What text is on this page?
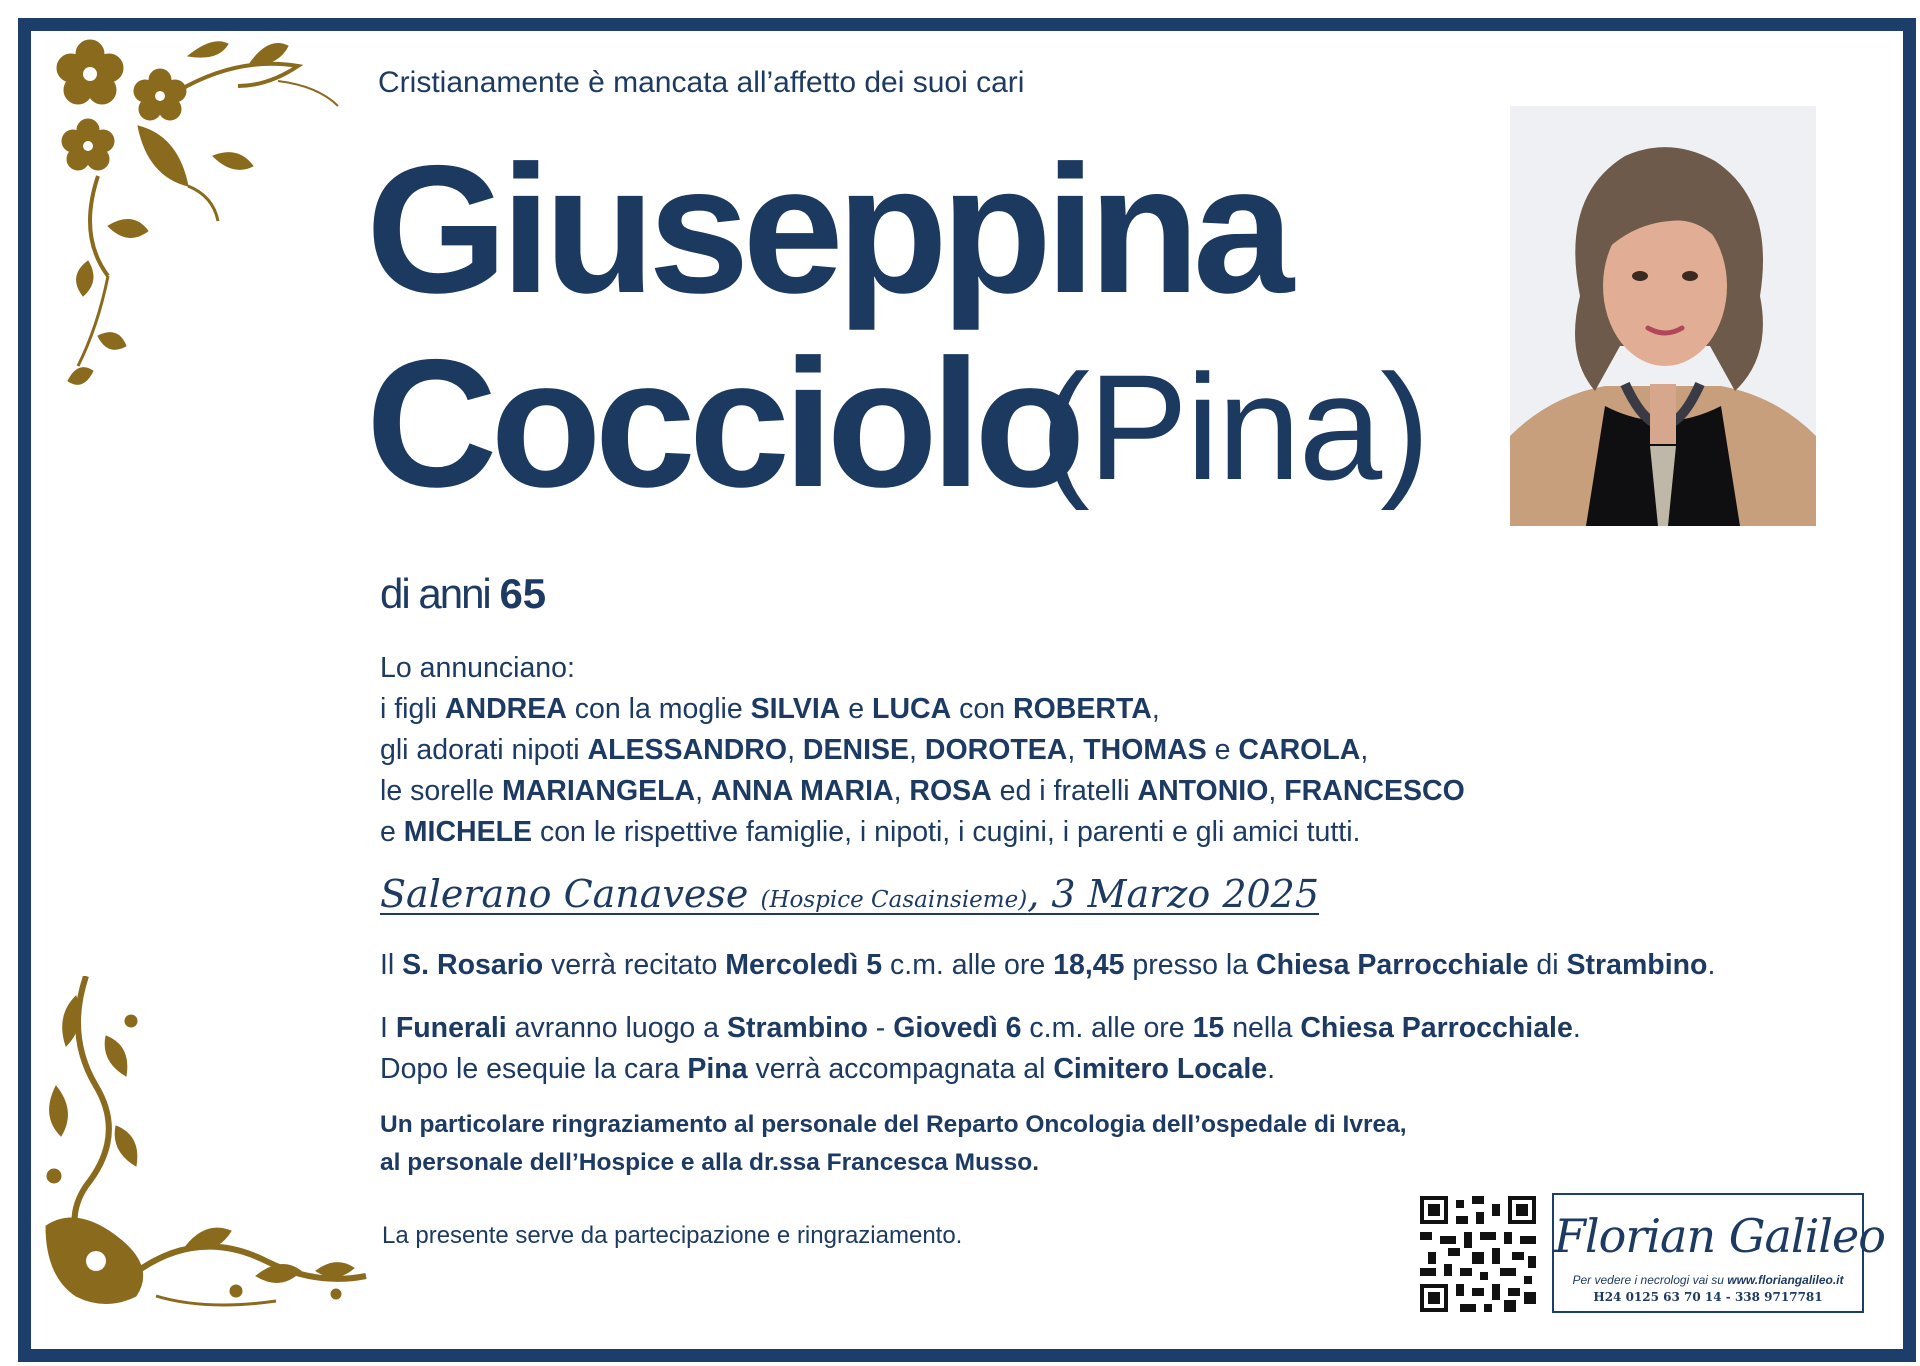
Cristianamente è mancata all’affetto dei suoi cari
Giuseppina
Cocciolo
(Pina)
di anni 65
Lo annunciano:
i figli ANDREA con la moglie SILVIA e LUCA con ROBERTA,
gli adorati nipoti ALESSANDRO, DENISE, DOROTEA, THOMAS e CAROLA,
le sorelle MARIANGELA, ANNA MARIA, ROSA ed i fratelli ANTONIO, FRANCESCO
e MICHELE con le rispettive famiglie, i nipoti, i cugini, i parenti e gli amici tutti.
Salerano Canavese (Hospice Casainsieme), 3 Marzo 2025
Il S. Rosario verrà recitato Mercoledì 5 c.m. alle ore 18,45 presso la Chiesa Parrocchiale di Strambino.
I Funerali avranno luogo a Strambino - Giovedì 6 c.m. alle ore 15 nella Chiesa Parrocchiale.
Dopo le esequie la cara Pina verrà accompagnata al Cimitero Locale.
Un particolare ringraziamento al personale del Reparto Oncologia dell’ospedale di Ivrea,
al personale dell’Hospice e alla dr.ssa Francesca Musso.
La presente serve da partecipazione e ringraziamento.	Florian Galileo
Per vedere i necrologi vai su www.floriangalileo.it
H24 0125 63 70 14 - 338 9717781
